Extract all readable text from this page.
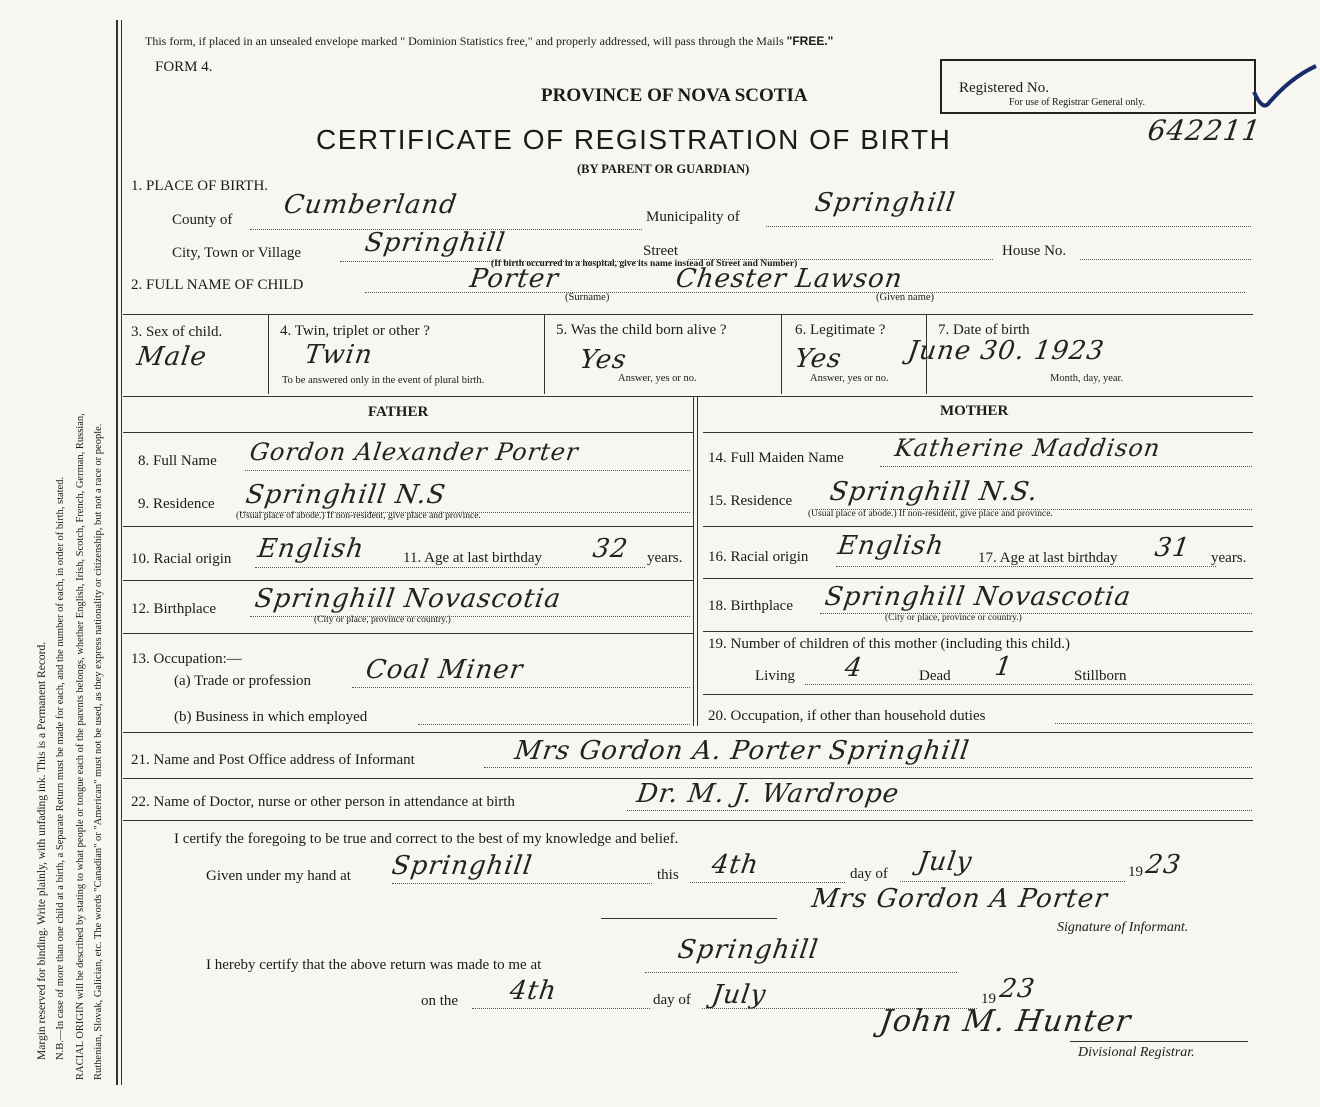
Margin reserved for binding. Write plainly, with unfading ink. This is a Permanent Record. N.B.—In case of more than one child at a birth, a Separate Return must be made for each, and the number of each, in order of birth, stated. RACIAL ORIGIN will be described by stating to what people or tongue each of the parents belongs, whether English, Irish, Scotch, French, German, Russian, Ruthenian, Slovak, Galician, etc. The words "Canadian" or "American" must not be used, as they express nationality or citizenship, but not a race or people.
This form, if placed in an unsealed envelope marked " Dominion Statistics free," and properly addressed, will pass through the Mails "FREE."
FORM 4.
PROVINCE OF NOVA SCOTIA
CERTIFICATE OF REGISTRATION OF BIRTH
(BY PARENT OR GUARDIAN)
Registered No.
For use of Registrar General only.
642211
1. PLACE OF BIRTH.
County of Cumberland	Municipality of	Springhill
City, Town or Village Springhill	Street	House No.
(If birth occurred in a hospital, give its name instead of Street and Number)
2. FULL NAME OF CHILD	Porter	Chester Lawson
(Surname)	(Given name)
3. Sex of child.
Male
4. Twin, triplet or other ?
Twin
To be answered only in the event of plural birth.
5. Was the child born alive ?
Yes
Answer, yes or no.
6. Legitimate ?
Yes
Answer, yes or no.
7. Date of birth
June 30. 1923
Month, day, year.
FATHER	MOTHER
8. Full Name Gordon Alexander Porter
9. Residence Springhill N.S
(Usual place of abode.) If non-resident, give place and province.
10. Racial origin English 11. Age at last birthday 32 years.
12. Birthplace Springhill Novascotia
(City or place, province or country.)
13. Occupation:—
(a) Trade or profession Coal Miner
(b) Business in which employed
14. Full Maiden Name Katherine Maddison
15. Residence Springhill N.S.
(Usual place of abode.) If non-resident, give place and province.
16. Racial origin English 17. Age at last birthday 31 years.
18. Birthplace Springhill Novascotia
(City or place, province or country.)
19. Number of children of this mother (including this child.)
Living 4	Dead 1	Stillborn
20. Occupation, if other than household duties
21. Name and Post Office address of Informant	Mrs Gordon A. Porter Springhill
22. Name of Doctor, nurse or other person in attendance at birth	Dr. M. J. Wardrope
I certify the foregoing to be true and correct to the best of my knowledge and belief.
Given under my hand at Springhill	this 4th	day of July	19 23
Mrs Gordon A Porter
Signature of Informant.
I hereby certify that the above return was made to me at	Springhill
on the 4th	day of July	19 23
John M. Hunter
Divisional Registrar.
